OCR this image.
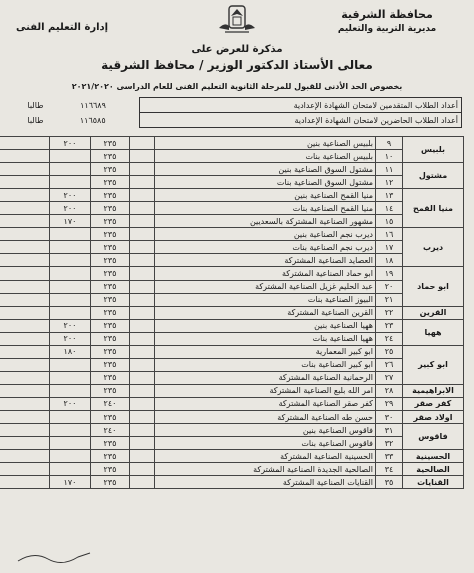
محافظة الشرقية
مديرية التربية والتعليم
إدارة التعليم الفنى
مذكرة للعرض على
معالى الأستاذ الدكتور الوزير / محافظ الشرقية
بخصوص الحد الأدنى للقبول للمرحلة الثانوية التعليم الفنى للعام الدراسى ٢٠٢١/٢٠٢٠
أعداد الطلاب المتقدمين لامتحان الشهادة الإعدادية	١١٦٦٨٩	طالبا
أعداد الطلاب الحاضرين لامتحان الشهادة الإعدادية	١١٦٥٨٥	طالبا
بلبيس	٩	بلبيس الصناعية بنين		٢٣٥	٢٠٠	
	١٠	بلبيس الصناعية بنات		٢٣٥		
مشتول	١١	مشتول السوق الصناعية بنين		٢٣٥		
	١٢	مشتول السوق الصناعية بنات		٢٣٥		
منيا القمح	١٣	منيا القمح الصناعية بنين		٢٣٥	٢٠٠	
	١٤	منيا القمح الصناعية بنات		٢٣٥	٢٠٠	
	١٥	مشهور الصناعية المشتركة بالسعديين		٢٣٥	١٧٠	
ديرب	١٦	ديرب نجم الصناعية بنين		٢٣٥		
	١٧	ديرب نجم الصناعية بنات		٢٣٥		
	١٨	العصايد الصناعية المشتركة		٢٣٥		
ابو حماد	١٩	ابو حماد الصناعية المشتركة		٢٣٥		
	٢٠	عبد الحليم غزيل الصناعية المشتركة		٢٣٥		
	٢١	البيوز الصناعية بنات		٢٣٥		
القرين	٢٢	القرين الصناعية المشتركة		٢٣٥		
ههيا	٢٣	ههيا الصناعية بنين		٢٣٥	٢٠٠	
	٢٤	ههيا الصناعية بنات		٢٣٥	٢٠٠	
ابو كبير	٢٥	ابو كبير المعمارية		٢٣٥	١٨٠	
	٢٦	ابو كبير الصناعية بنات		٢٣٥		
	٢٧	الرحمانية الصناعية المشتركة		٢٣٥		
الابراهيمية	٢٨	امر الله بلبع الصناعية المشتركة		٢٣٥		
كفر صقر	٢٩	كفر صقر الصناعية المشتركة		٢٤٠	٢٠٠	
اولاد صقر	٣٠	حسن طه الصناعية المشتركة		٢٣٥		
فاقوس	٣١	فاقوس الصناعية بنين		٢٤٠		
	٣٢	فاقوس الصناعية بنات		٢٣٥		
الحسينية	٣٣	الحسينية الصناعية المشتركة		٢٣٥		
الصالحية	٣٤	الصالحية الجديدة الصناعية المشتركة		٢٣٥		
القنايات	٣٥	القنايات الصناعية المشتركة		٢٣٥	١٧٠	
